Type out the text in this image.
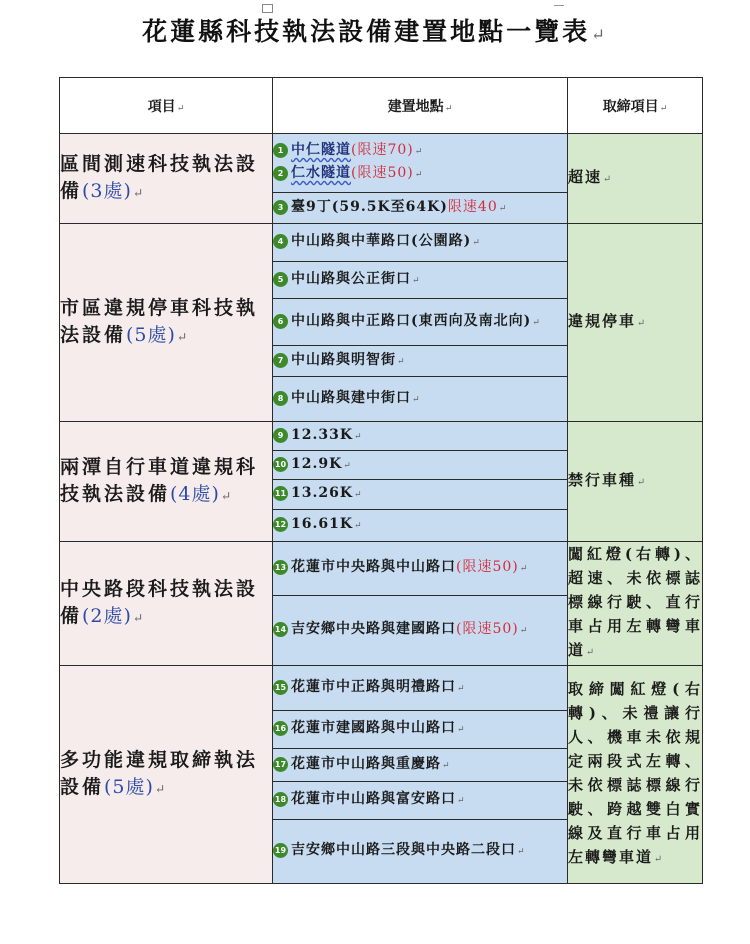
花蓮縣科技執法設備建置地點一覽表↵
項目↵	建置地點↵	取締項目↵
區間測速科技執法設備(3處)↵	1 中仁隧道(限速70)↵	超速↵
	2 仁水隧道(限速50)↵	
	3 臺9丁(59.5K至64K)限速40↵	
市區違規停車科技執法設備(5處)↵	4 中山路與中華路口(公園路)↵	違規停車↵
	5 中山路與公正街口↵	
	6 中山路與中正路口(東西向及南北向)↵	
	7 中山路與明智街↵	
	8 中山路與建中街口↵	
兩潭自行車道違規科技執法設備(4處)↵	9 12.33K↵	禁行車種↵
	10 12.9K↵	
	11 13.26K↵	
	12 16.61K↵	
中央路段科技執法設備(2處)↵	13 花蓮市中央路與中山路口(限速50)↵	闖紅燈(右轉)、超速、未依標誌標線行駛、直行車占用左轉彎車道↵
	14 吉安鄉中央路與建國路口(限速50)↵	
多功能違規取締執法設備(5處)↵	15 花蓮市中正路與明禮路口↵	取締闖紅燈(右轉)、未禮讓行人、機車未依規定兩段式左轉、未依標誌標線行駛、跨越雙白實線及直行車占用左轉彎車道↵
	16 花蓮市建國路與中山路口↵	
	17 花蓮市中山路與重慶路↵	
	18 花蓮市中山路與富安路口↵	
	19 吉安鄉中山路三段與中央路二段口↵	
